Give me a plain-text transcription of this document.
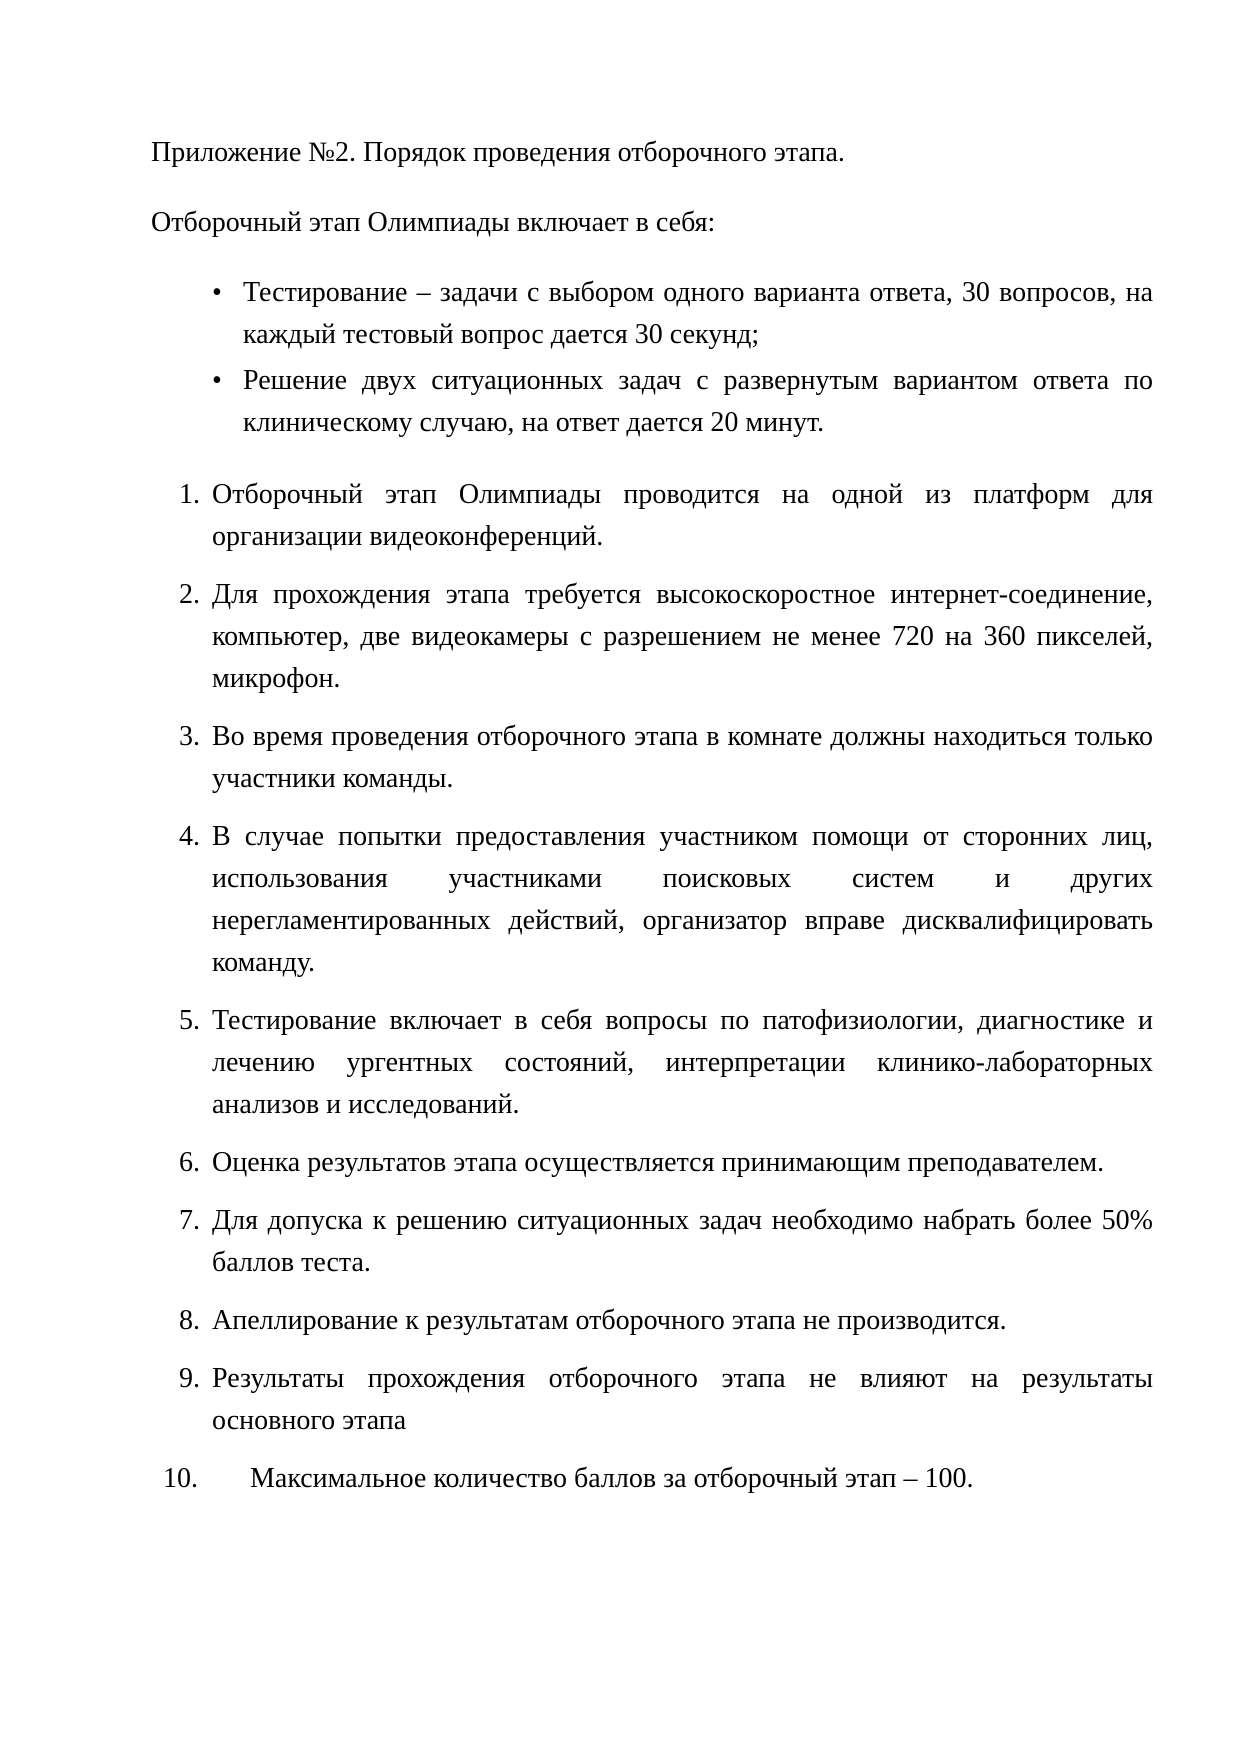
Приложение №2. Порядок проведения отборочного этапа.

Отборочный этап Олимпиады включает в себя:

• Тестирование – задачи с выбором одного варианта ответа, 30 вопросов, на каждый тестовый вопрос дается 30 секунд;
• Решение двух ситуационных задач с развернутым вариантом ответа по клиническому случаю, на ответ дается 20 минут.
1. Отборочный этап Олимпиады проводится на одной из платформ для организации видеоконференций.
2. Для прохождения этапа требуется высокоскоростное интернет-соединение, компьютер, две видеокамеры с разрешением не менее 720 на 360 пикселей, микрофон.
3. Во время проведения отборочного этапа в комнате должны находиться только участники команды.
4. В случае попытки предоставления участником помощи от сторонних лиц, использования участниками поисковых систем и других нерегламентированных действий, организатор вправе дисквалифицировать команду.
5. Тестирование включает в себя вопросы по патофизиологии, диагностике и лечению ургентных состояний, интерпретации клинико-лабораторных анализов и исследований.
6. Оценка результатов этапа осуществляется принимающим преподавателем.
7. Для допуска к решению ситуационных задач необходимо набрать более 50% баллов теста.
8. Апеллирование к результатам отборочного этапа не производится.
9. Результаты прохождения отборочного этапа не влияют на результаты основного этапа
10. Максимальное количество баллов за отборочный этап – 100.
